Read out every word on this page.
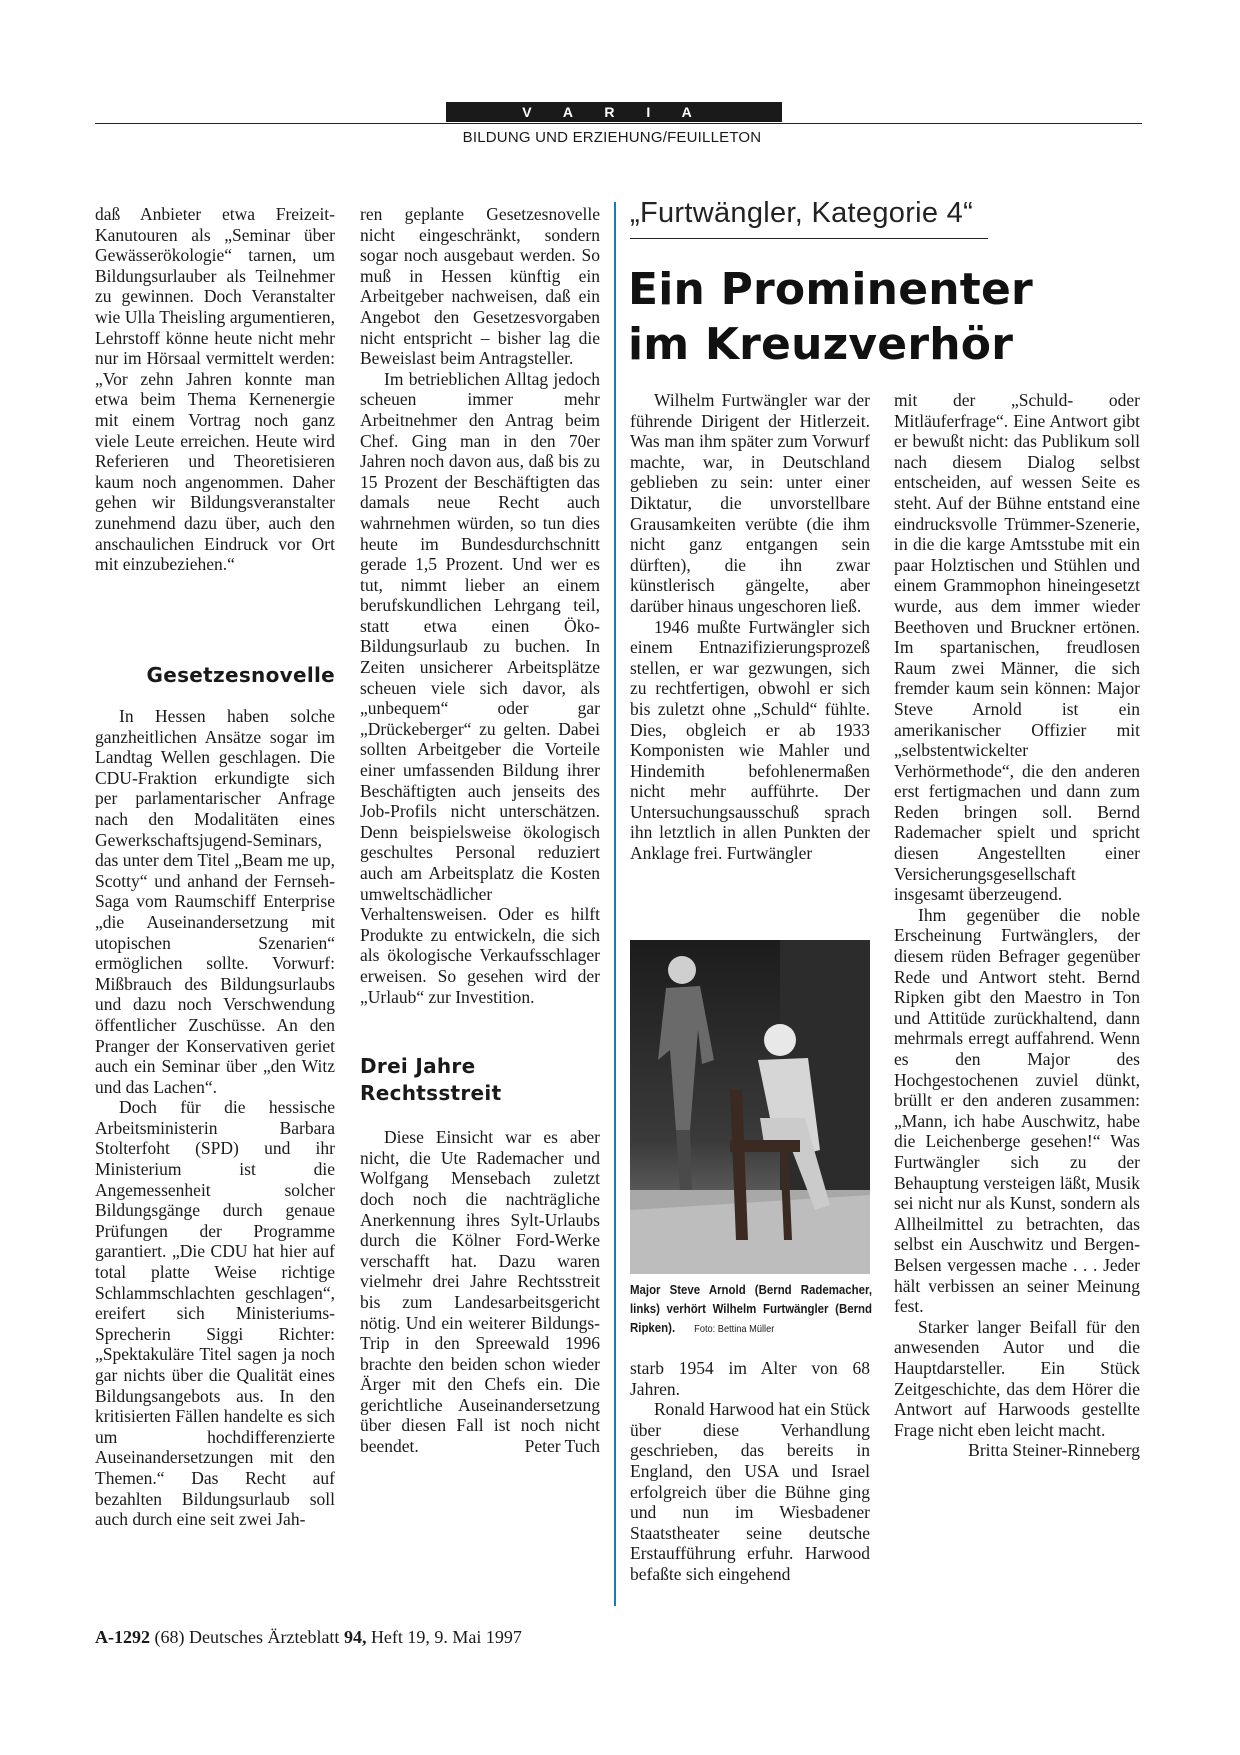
V A R I A
BILDUNG UND ERZIEHUNG/FEUILLETON

daß Anbieter etwa Freizeit-Kanutouren als „Seminar über Gewässerökologie“ tarnen, um Bildungsurlauber als Teilnehmer zu gewinnen. Doch Veranstalter wie Ulla Theisling argumentieren, Lehrstoff könne heute nicht mehr nur im Hörsaal vermittelt werden: „Vor zehn Jahren konnte man etwa beim Thema Kernenergie mit einem Vortrag noch ganz viele Leute erreichen. Heute wird Referieren und Theoretisieren kaum noch angenommen. Daher gehen wir Bildungsveranstalter zunehmend dazu über, auch den anschaulichen Eindruck vor Ort mit einzubeziehen.“

Gesetzesnovelle

In Hessen haben solche ganzheitlichen Ansätze sogar im Landtag Wellen geschlagen. Die CDU-Fraktion erkundigte sich per parlamentarischer Anfrage nach den Modalitäten eines Gewerkschaftsjugend-Seminars, das unter dem Titel „Beam me up, Scotty“ und anhand der Fernseh-Saga vom Raumschiff Enterprise „die Auseinandersetzung mit utopischen Szenarien“ ermöglichen sollte. Vorwurf: Mißbrauch des Bildungsurlaubs und dazu noch Verschwendung öffentlicher Zuschüsse. An den Pranger der Konservativen geriet auch ein Seminar über „den Witz und das Lachen“.

Doch für die hessische Arbeitsministerin Barbara Stolterfoht (SPD) und ihr Ministerium ist die Angemessenheit solcher Bildungsgänge durch genaue Prüfungen der Programme garantiert. „Die CDU hat hier auf total platte Weise richtige Schlammschlachten geschlagen“, ereifert sich Ministeriums-Sprecherin Siggi Richter: „Spektakuläre Titel sagen ja noch gar nichts über die Qualität eines Bildungsangebots aus. In den kritisierten Fällen handelte es sich um hochdifferenzierte Auseinandersetzungen mit den Themen.“ Das Recht auf bezahlten Bildungsurlaub soll auch durch eine seit zwei Jah-

ren geplante Gesetzesnovelle nicht eingeschränkt, sondern sogar noch ausgebaut werden. So muß in Hessen künftig ein Arbeitgeber nachweisen, daß ein Angebot den Gesetzesvorgaben nicht entspricht – bisher lag die Beweislast beim Antragsteller.

Im betrieblichen Alltag jedoch scheuen immer mehr Arbeitnehmer den Antrag beim Chef. Ging man in den 70er Jahren noch davon aus, daß bis zu 15 Prozent der Beschäftigten das damals neue Recht auch wahrnehmen würden, so tun dies heute im Bundesdurchschnitt gerade 1,5 Prozent. Und wer es tut, nimmt lieber an einem berufskundlichen Lehrgang teil, statt etwa einen Öko-Bildungsurlaub zu buchen. In Zeiten unsicherer Arbeitsplätze scheuen viele sich davor, als „unbequem“ oder gar „Drückeberger“ zu gelten. Dabei sollten Arbeitgeber die Vorteile einer umfassenden Bildung ihrer Beschäftigten auch jenseits des Job-Profils nicht unterschätzen. Denn beispielsweise ökologisch geschultes Personal reduziert auch am Arbeitsplatz die Kosten umweltschädlicher Verhaltensweisen. Oder es hilft Produkte zu entwickeln, die sich als ökologische Verkaufsschlager erweisen. So gesehen wird der „Urlaub“ zur Investition.

Drei Jahre
Rechtsstreit

Diese Einsicht war es aber nicht, die Ute Rademacher und Wolfgang Mensebach zuletzt doch noch die nachträgliche Anerkennung ihres Sylt-Urlaubs durch die Kölner Ford-Werke verschafft hat. Dazu waren vielmehr drei Jahre Rechtsstreit bis zum Landesarbeitsgericht nötig. Und ein weiterer Bildungs-Trip in den Spreewald 1996 brachte den beiden schon wieder Ärger mit den Chefs ein. Die gerichtliche Auseinandersetzung über diesen Fall ist noch nicht beendet.	Peter Tuch

„Furtwängler, Kategorie 4“
Ein Prominenter
im Kreuzverhör

Wilhelm Furtwängler war der führende Dirigent der Hitlerzeit. Was man ihm später zum Vorwurf machte, war, in Deutschland geblieben zu sein: unter einer Diktatur, die unvorstellbare Grausamkeiten verübte (die ihm nicht ganz entgangen sein dürften), die ihn zwar künstlerisch gängelte, aber darüber hinaus ungeschoren ließ.

1946 mußte Furtwängler sich einem Entnazifizierungsprozeß stellen, er war gezwungen, sich zu rechtfertigen, obwohl er sich bis zuletzt ohne „Schuld“ fühlte. Dies, obgleich er ab 1933 Komponisten wie Mahler und Hindemith befohlenermaßen nicht mehr aufführte. Der Untersuchungsausschuß sprach ihn letztlich in allen Punkten der Anklage frei. Furtwängler

Major Steve Arnold (Bernd Rademacher, links) verhört Wilhelm Furtwängler (Bernd Ripken). Foto: Bettina Müller

starb 1954 im Alter von 68 Jahren.

Ronald Harwood hat ein Stück über diese Verhandlung geschrieben, das bereits in England, den USA und Israel erfolgreich über die Bühne ging und nun im Wiesbadener Staatstheater seine deutsche Erstaufführung erfuhr. Harwood befaßte sich eingehend

mit der „Schuld- oder Mitläuferfrage“. Eine Antwort gibt er bewußt nicht: das Publikum soll nach diesem Dialog selbst entscheiden, auf wessen Seite es steht. Auf der Bühne entstand eine eindrucksvolle Trümmer-Szenerie, in die die karge Amtsstube mit ein paar Holztischen und Stühlen und einem Grammophon hineingesetzt wurde, aus dem immer wieder Beethoven und Bruckner ertönen. Im spartanischen, freudlosen Raum zwei Männer, die sich fremder kaum sein können: Major Steve Arnold ist ein amerikanischer Offizier mit „selbstentwickelter Verhörmethode“, die den anderen erst fertigmachen und dann zum Reden bringen soll. Bernd Rademacher spielt und spricht diesen Angestellten einer Versicherungsgesellschaft insgesamt überzeugend.

Ihm gegenüber die noble Erscheinung Furtwänglers, der diesem rüden Befrager gegenüber Rede und Antwort steht. Bernd Ripken gibt den Maestro in Ton und Attitüde zurückhaltend, dann mehrmals erregt auffahrend. Wenn es den Major des Hochgestochenen zuviel dünkt, brüllt er den anderen zusammen: „Mann, ich habe Auschwitz, habe die Leichenberge gesehen!“ Was Furtwängler sich zu der Behauptung versteigen läßt, Musik sei nicht nur als Kunst, sondern als Allheilmittel zu betrachten, das selbst ein Auschwitz und Bergen-Belsen vergessen mache . . . Jeder hält verbissen an seiner Meinung fest.

Starker langer Beifall für den anwesenden Autor und die Hauptdarsteller. Ein Stück Zeitgeschichte, das dem Hörer die Antwort auf Harwoods gestellte Frage nicht eben leicht macht.

Britta Steiner-Rinneberg

A-1292 (68) Deutsches Ärzteblatt 94, Heft 19, 9. Mai 1997
